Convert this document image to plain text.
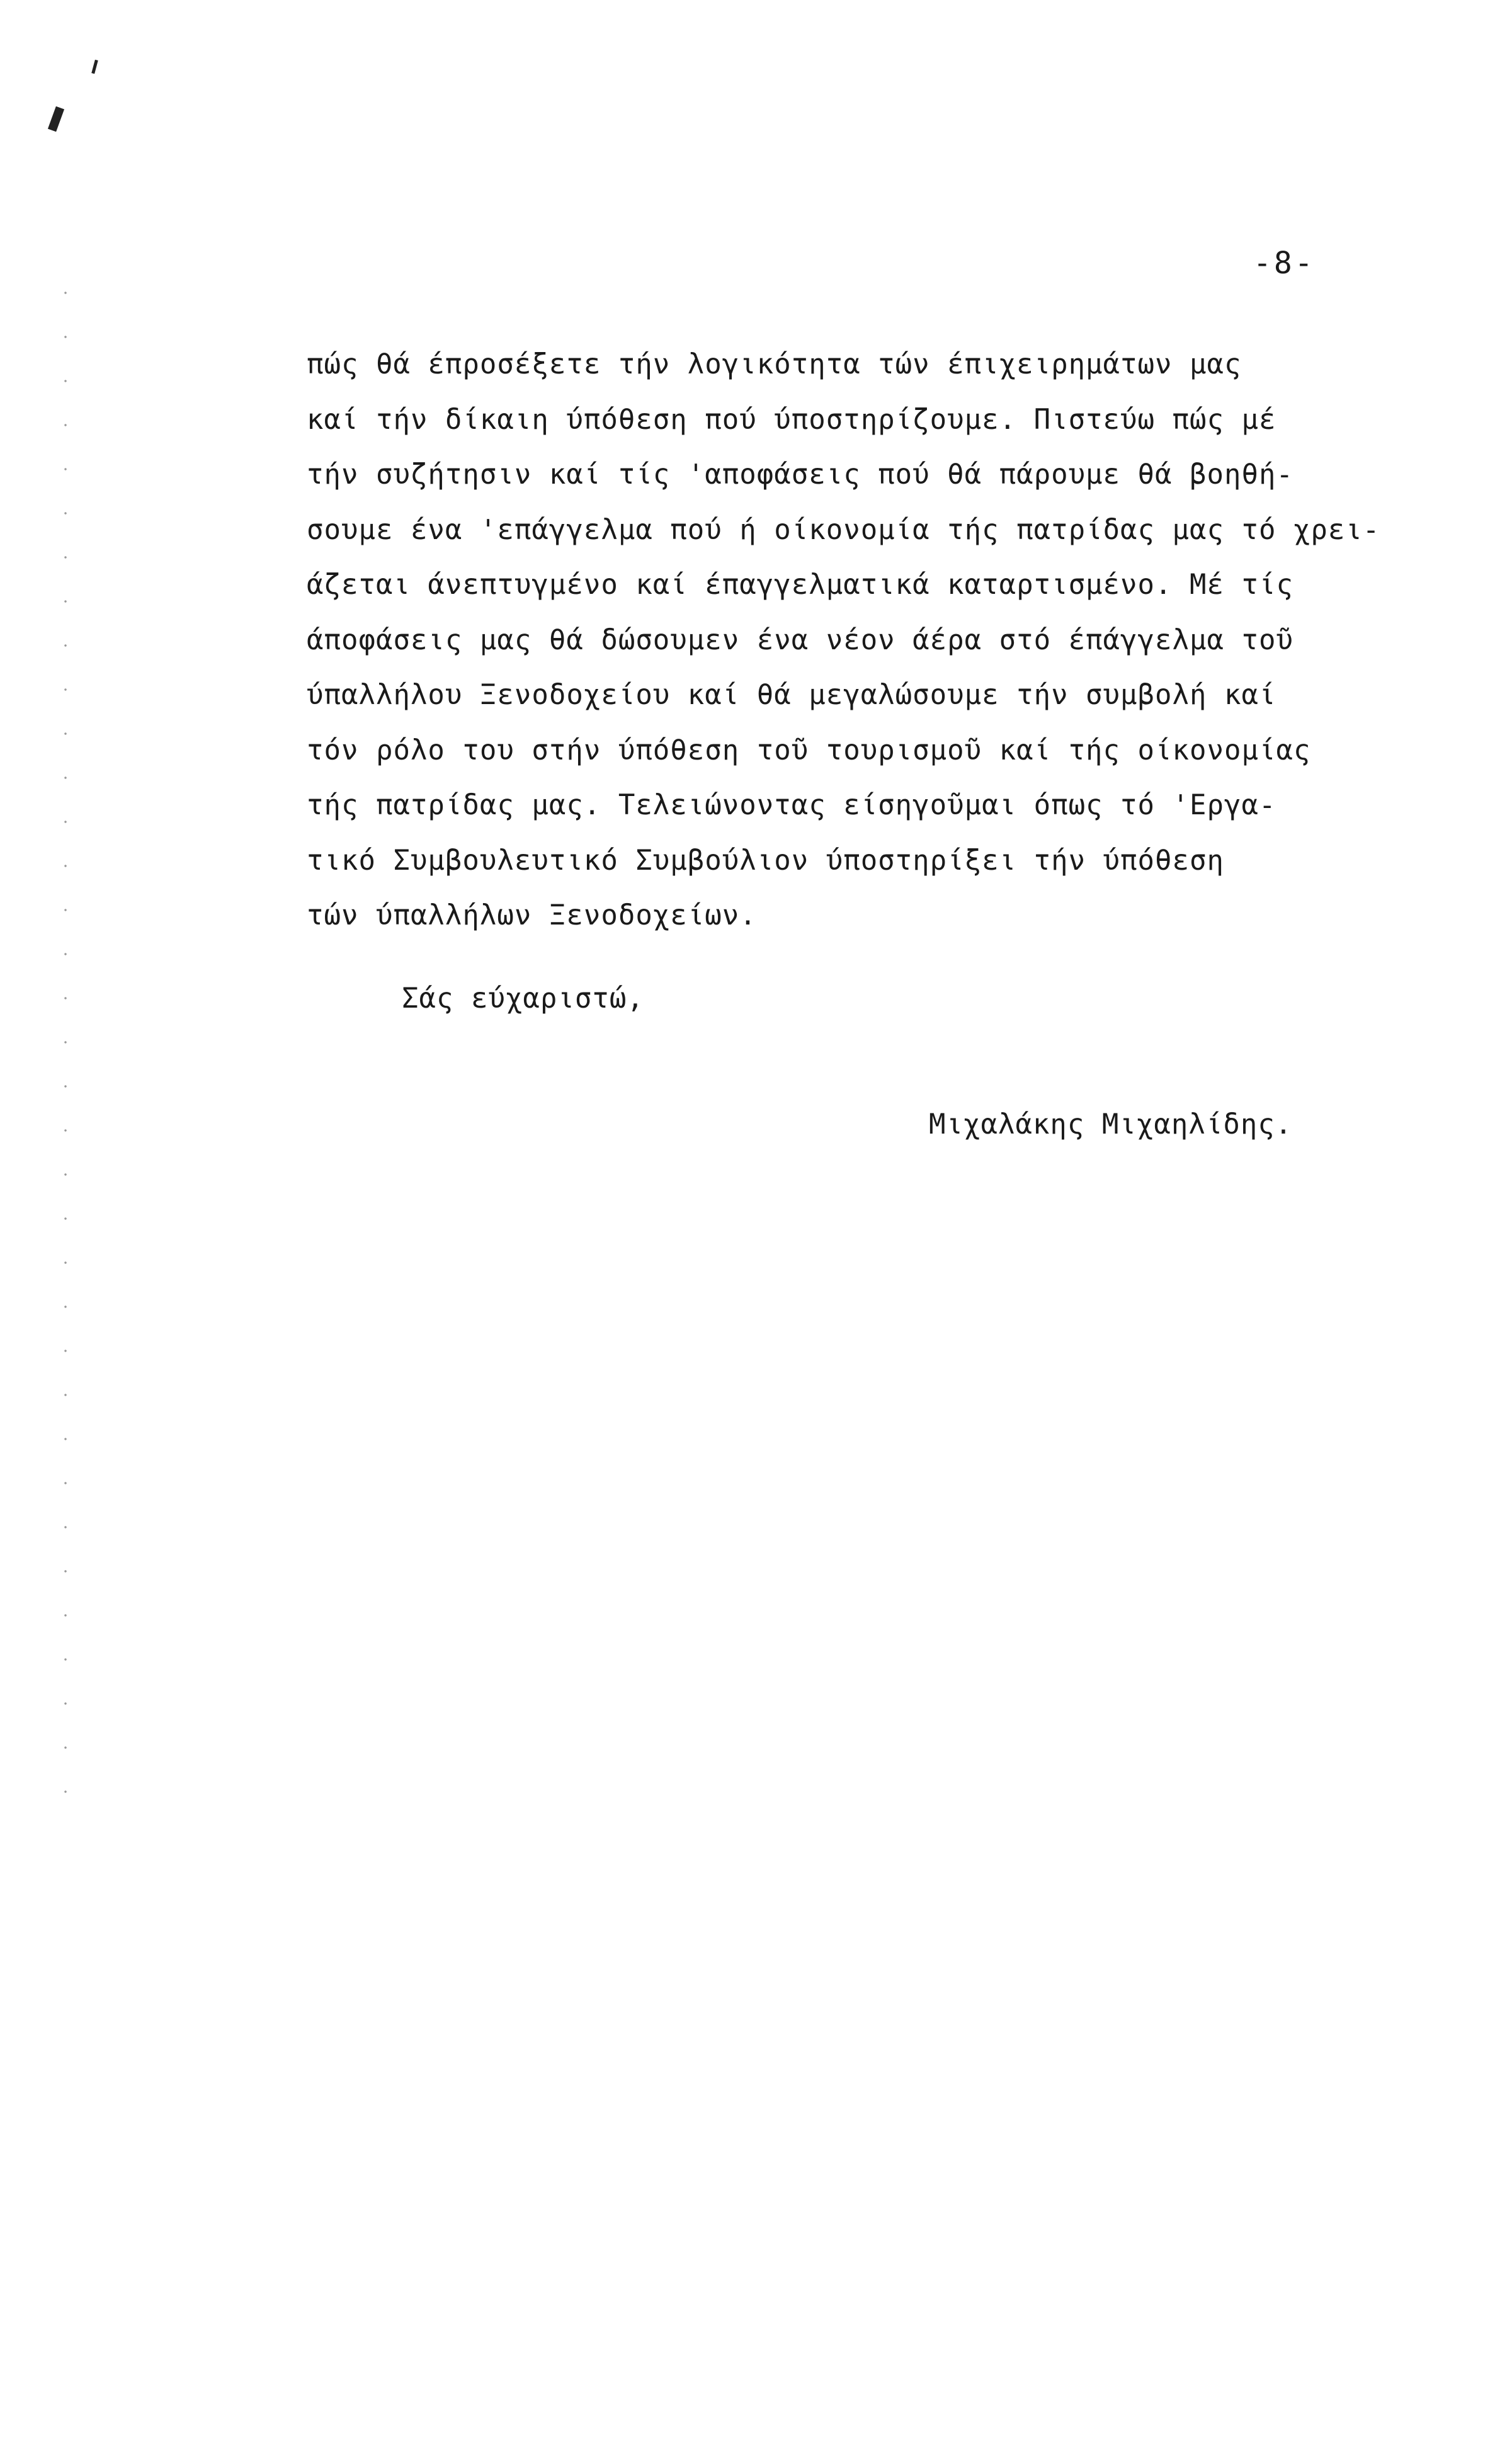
-8-
πώς θά έπροσέξετε τήν λογικότητα τών έπιχειρημάτων μας
καί τήν δίκαιη ύπόθεση πού ύποστηρίζουμε. Πιστεύω πώς μέ
τήν συζήτησιν καί τίς 'αποφάσεις πού θά πάρουμε θά βοηθή-
σουμε ένα 'επάγγελμα πού ή οίκονομία τής πατρίδας μας τό χρει-
άζεται άνεπτυγμένο καί έπαγγελματικά καταρτισμένο. Μέ τίς
άποφάσεις μας θά δώσουμεν ένα νέον άέρα στό έπάγγελμα τοῦ
ύπαλλήλου Ξενοδοχείου καί θά μεγαλώσουμε τήν συμβολή καί
τόν ρόλο του στήν ύπόθεση τοῦ τουρισμοῦ καί τής οίκονομίας
τής πατρίδας μας. Τελειώνοντας είσηγοῦμαι όπως τό 'Εργα-
τικό Συμβουλευτικό Συμβούλιον ύποστηρίξει τήν ύπόθεση
τών ύπαλλήλων Ξενοδοχείων.
Σάς εύχαριστώ,
Μιχαλάκης Μιχαηλίδης.
